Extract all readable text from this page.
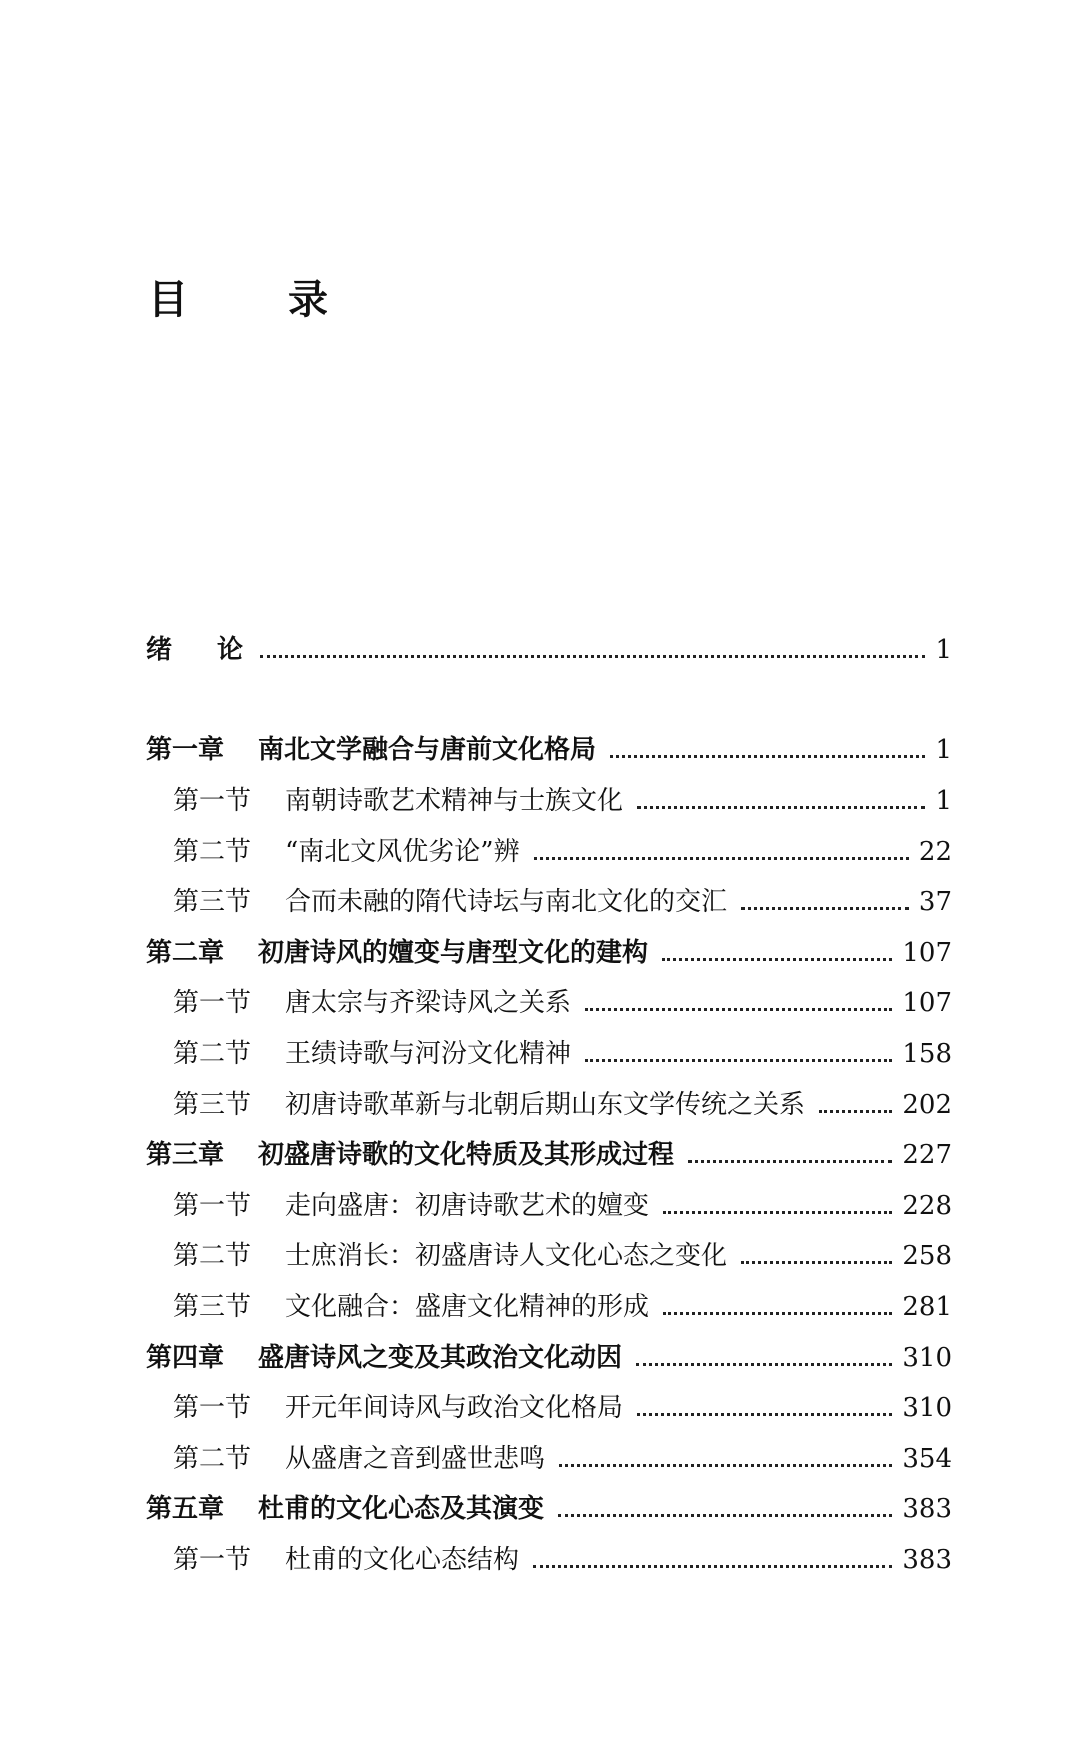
目　录
绪 论	1
第一章	南北文学融合与唐前文化格局	1
第一节	南朝诗歌艺术精神与士族文化	1
第二节	“南北文风优劣论”辨	22
第三节	合而未融的隋代诗坛与南北文化的交汇	37
第二章	初唐诗风的嬗变与唐型文化的建构	107
第一节	唐太宗与齐梁诗风之关系	107
第二节	王绩诗歌与河汾文化精神	158
第三节	初唐诗歌革新与北朝后期山东文学传统之关系	202
第三章	初盛唐诗歌的文化特质及其形成过程	227
第一节	走向盛唐：初唐诗歌艺术的嬗变	228
第二节	士庶消长：初盛唐诗人文化心态之变化	258
第三节	文化融合：盛唐文化精神的形成	281
第四章	盛唐诗风之变及其政治文化动因	310
第一节	开元年间诗风与政治文化格局	310
第二节	从盛唐之音到盛世悲鸣	354
第五章	杜甫的文化心态及其演变	383
第一节	杜甫的文化心态结构	383
